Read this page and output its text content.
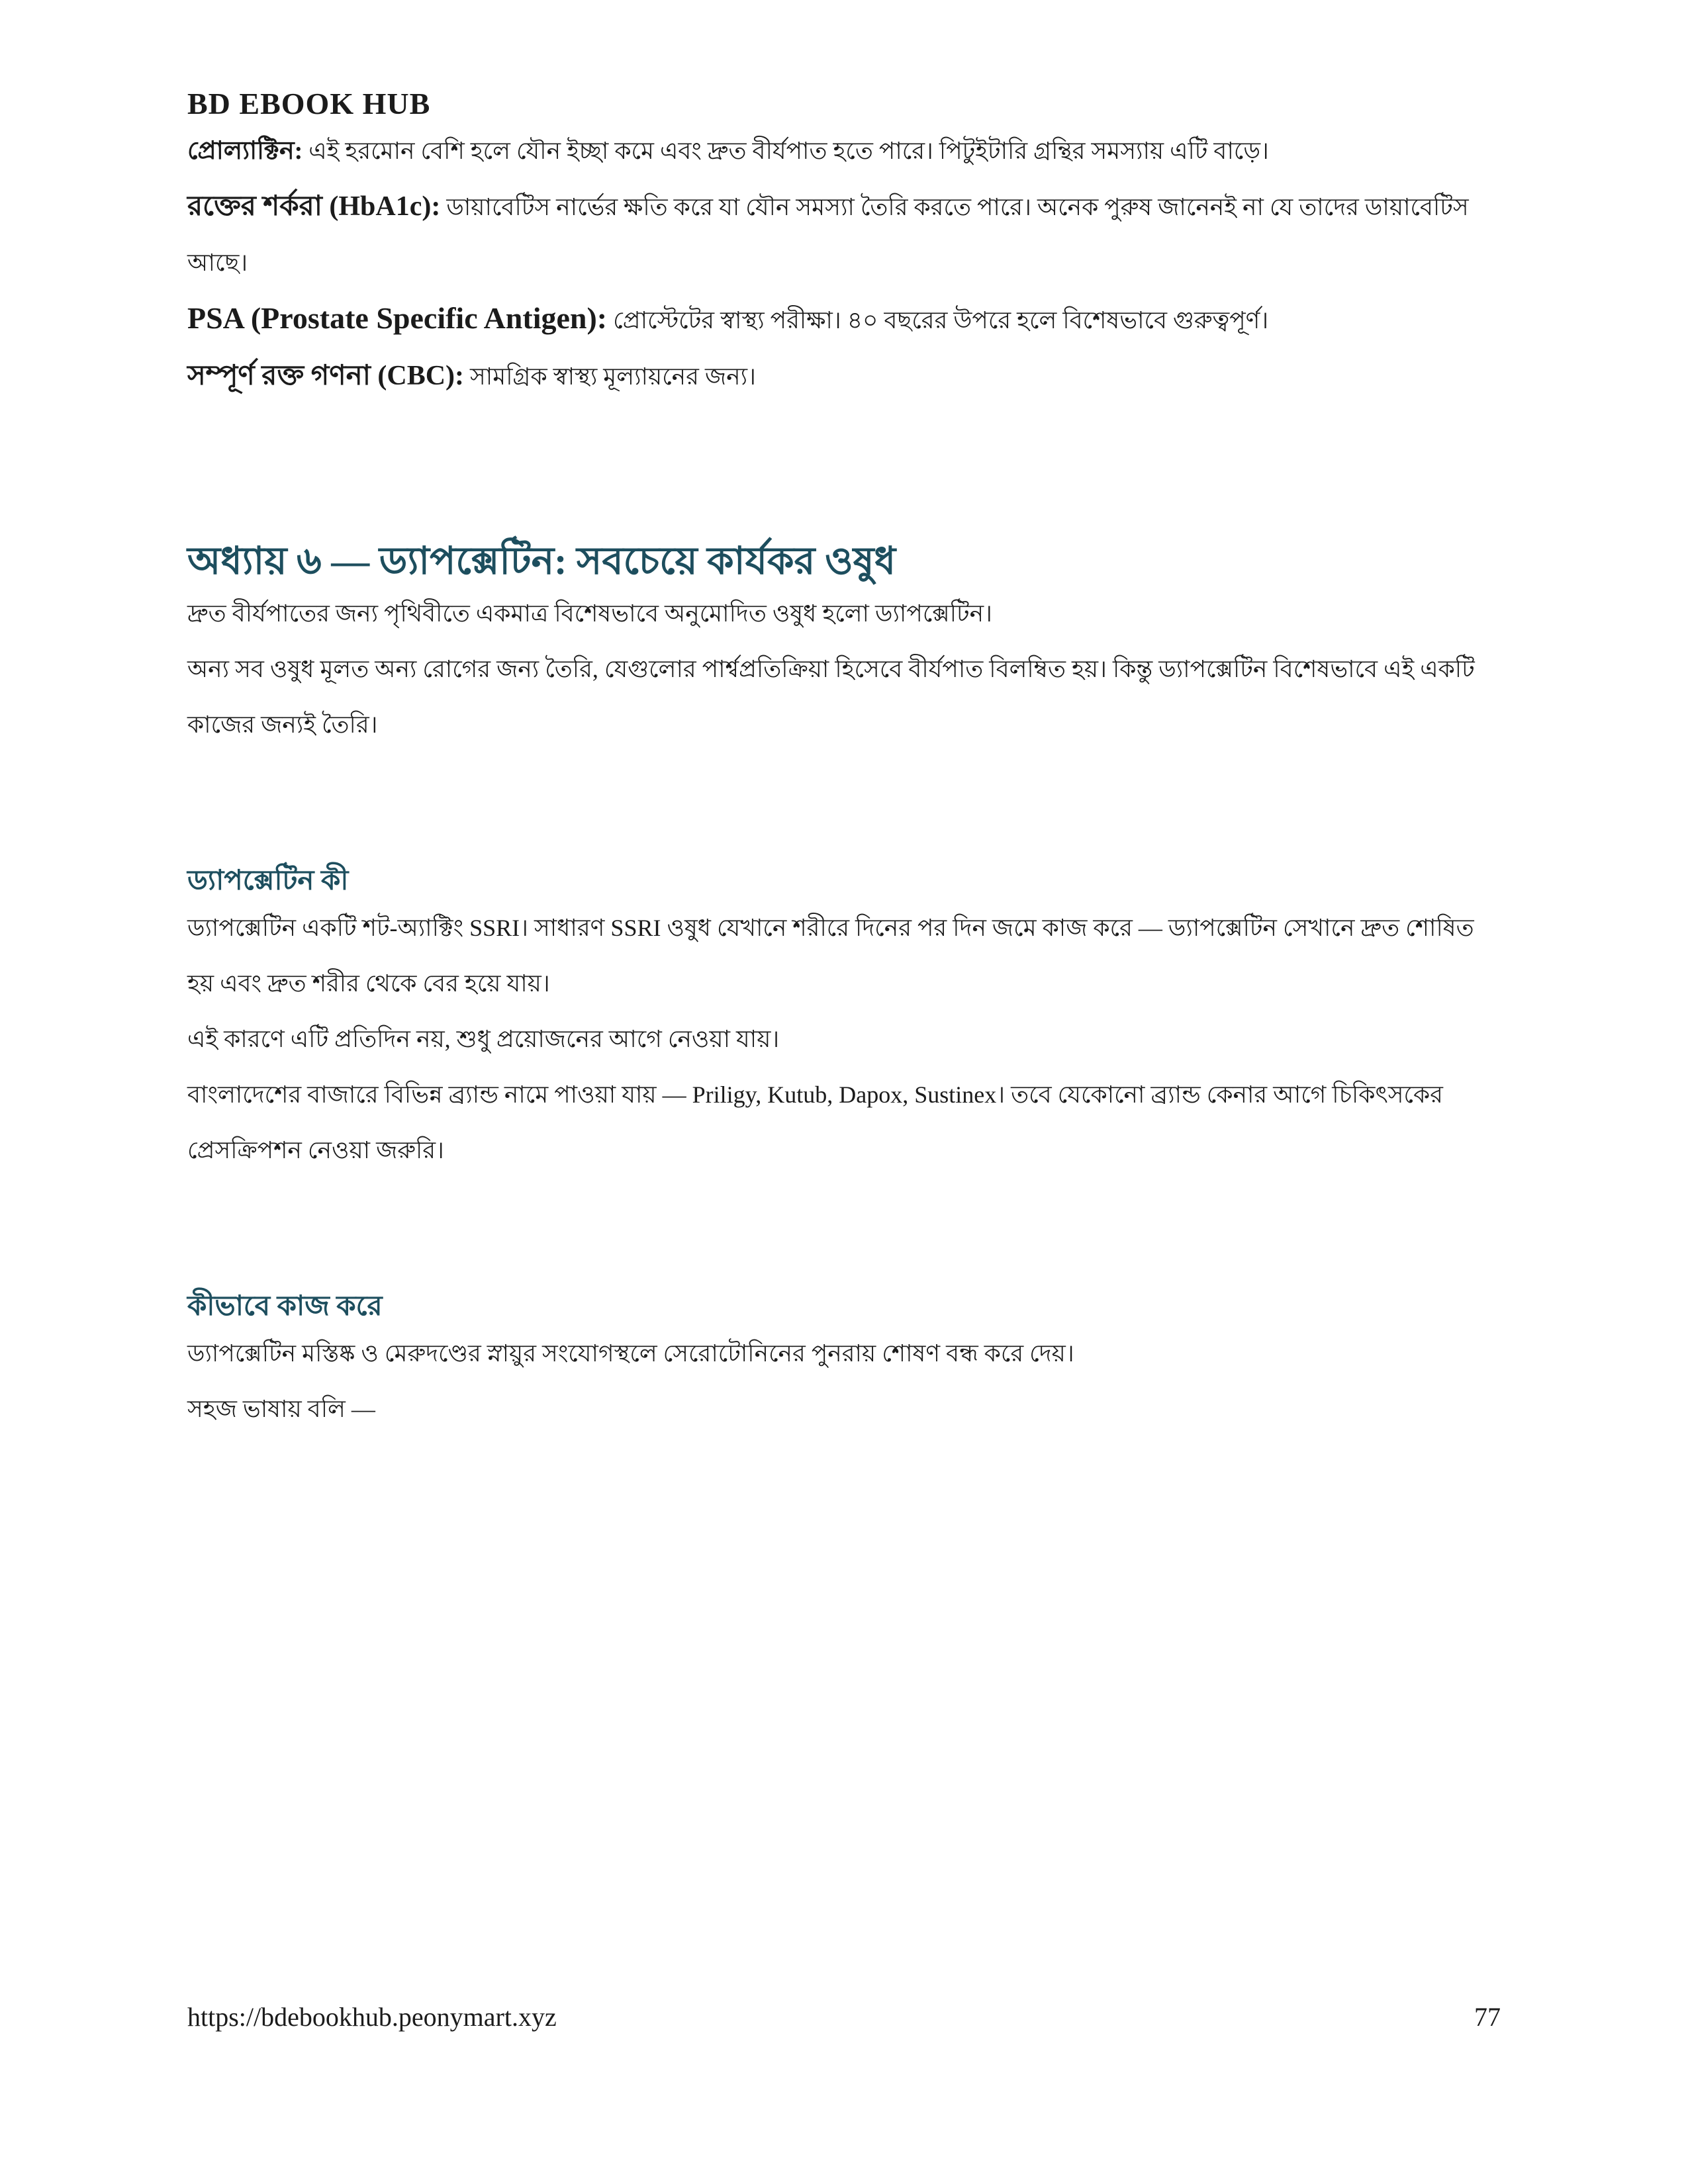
BD EBOOK HUB

প্রোল্যাক্টিন: এই হরমোন বেশি হলে যৌন ইচ্ছা কমে এবং দ্রুত বীর্যপাত হতে পারে। পিটুইটারি গ্রন্থির সমস্যায় এটি বাড়ে।

রক্তের শর্করা (HbA1c): ডায়াবেটিস নার্ভের ক্ষতি করে যা যৌন সমস্যা তৈরি করতে পারে। অনেক পুরুষ জানেনই না যে তাদের ডায়াবেটিস আছে।

PSA (Prostate Specific Antigen): প্রোস্টেটের স্বাস্থ্য পরীক্ষা। ৪০ বছরের উপরে হলে বিশেষভাবে গুরুত্বপূর্ণ।

সম্পূর্ণ রক্ত গণনা (CBC): সামগ্রিক স্বাস্থ্য মূল্যায়নের জন্য।

অধ্যায় ৬ — ড্যাপক্সেটিন: সবচেয়ে কার্যকর ওষুধ

দ্রুত বীর্যপাতের জন্য পৃথিবীতে একমাত্র বিশেষভাবে অনুমোদিত ওষুধ হলো ড্যাপক্সেটিন।

অন্য সব ওষুধ মূলত অন্য রোগের জন্য তৈরি, যেগুলোর পার্শ্বপ্রতিক্রিয়া হিসেবে বীর্যপাত বিলম্বিত হয়। কিন্তু ড্যাপক্সেটিন বিশেষভাবে এই একটি কাজের জন্যই তৈরি।

ড্যাপক্সেটিন কী

ড্যাপক্সেটিন একটি শট-অ্যাক্টিং SSRI। সাধারণ SSRI ওষুধ যেখানে শরীরে দিনের পর দিন জমে কাজ করে — ড্যাপক্সেটিন সেখানে দ্রুত শোষিত হয় এবং দ্রুত শরীর থেকে বের হয়ে যায়।

এই কারণে এটি প্রতিদিন নয়, শুধু প্রয়োজনের আগে নেওয়া যায়।

বাংলাদেশের বাজারে বিভিন্ন ব্র্যান্ড নামে পাওয়া যায় — Priligy, Kutub, Dapox, Sustinex। তবে যেকোনো ব্র্যান্ড কেনার আগে চিকিৎসকের প্রেসক্রিপশন নেওয়া জরুরি।

কীভাবে কাজ করে

ড্যাপক্সেটিন মস্তিষ্ক ও মেরুদণ্ডের স্নায়ুর সংযোগস্থলে সেরোটোনিনের পুনরায় শোষণ বন্ধ করে দেয়।

সহজ ভাষায় বলি —

https://bdebookhub.peonymart.xyz	77
